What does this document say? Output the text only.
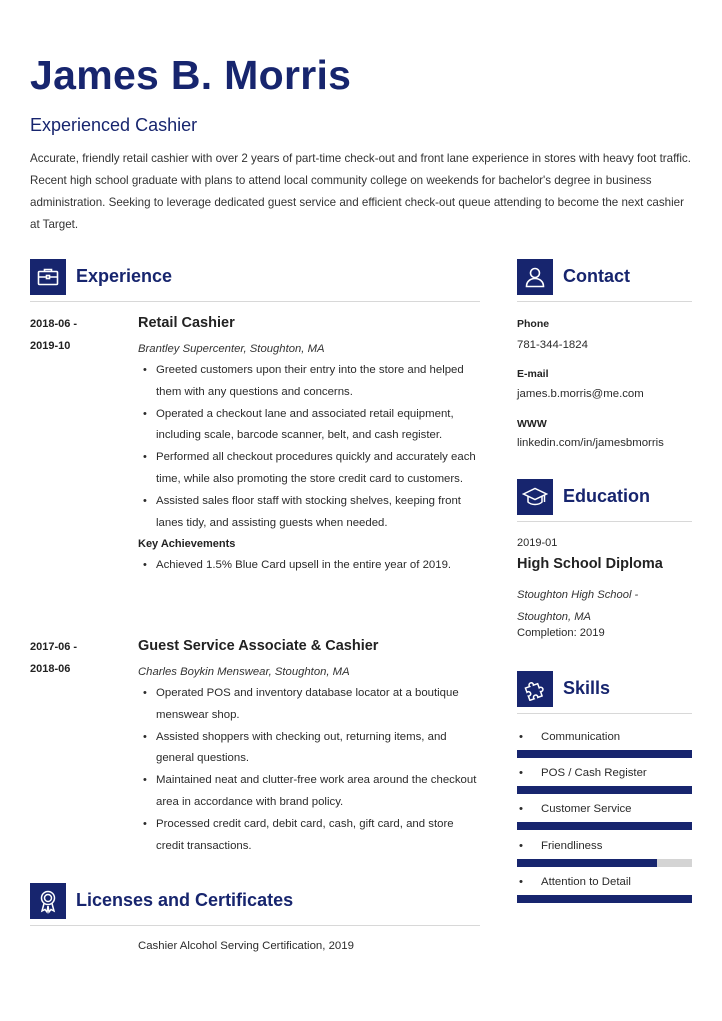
James B. Morris
Experienced Cashier
Accurate, friendly retail cashier with over 2 years of part-time check-out and front lane experience in stores with heavy foot traffic. Recent high school graduate with plans to attend local community college on weekends for bachelor's degree in business administration. Seeking to leverage dedicated guest service and efficient check-out queue attending to become the next cashier at Target.
Experience
2018-06 -
2019-10
Retail Cashier
Brantley Supercenter, Stoughton, MA
• Greeted customers upon their entry into the store and helped them with any questions and concerns.
• Operated a checkout lane and associated retail equipment, including scale, barcode scanner, belt, and cash register.
• Performed all checkout procedures quickly and accurately each time, while also promoting the store credit card to customers.
• Assisted sales floor staff with stocking shelves, keeping front lanes tidy, and assisting guests when needed.
Key Achievements
• Achieved 1.5% Blue Card upsell in the entire year of 2019.
2017-06 -
2018-06
Guest Service Associate & Cashier
Charles Boykin Menswear, Stoughton, MA
• Operated POS and inventory database locator at a boutique menswear shop.
• Assisted shoppers with checking out, returning items, and general questions.
• Maintained neat and clutter-free work area around the checkout area in accordance with brand policy.
• Processed credit card, debit card, cash, gift card, and store credit transactions.
Licenses and Certificates
Cashier Alcohol Serving Certification, 2019
Contact
Phone
781-344-1824
E-mail
james.b.morris@me.com
WWW
linkedin.com/in/jamesbmorris
Education
2019-01
High School Diploma
Stoughton High School - Stoughton, MA
Completion: 2019
Skills
• Communication
• POS / Cash Register
• Customer Service
• Friendliness
• Attention to Detail
